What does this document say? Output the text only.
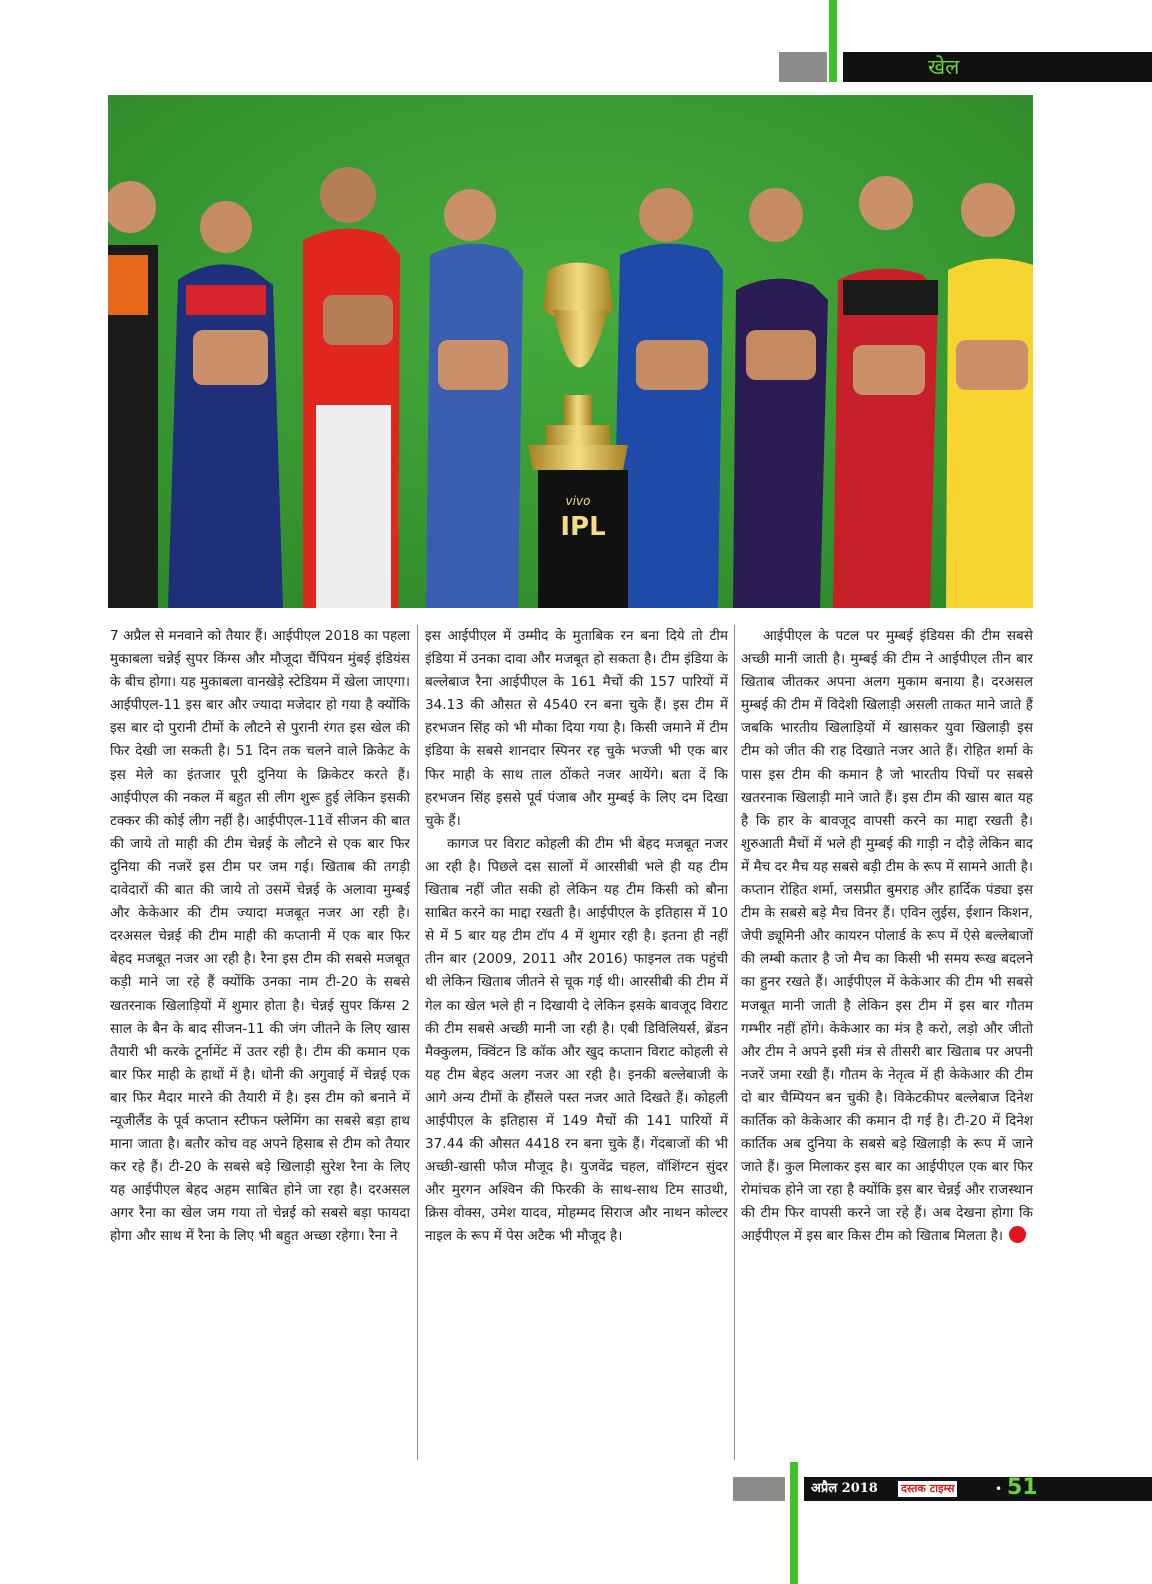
खेल
vivo
IPL

7 अप्रैल से मनवाने को तैयार हैं। आईपीएल 2018 का पहला मुकाबला चन्नेई सुपर किंग्स और मौजूदा चैंपियन मुंबई इंडियंस के बीच होगा। यह मुकाबला वानखेड़े स्टेडियम में खेला जाएगा। आईपीएल-11 इस बार और ज्यादा मजेदार हो गया है क्योंकि इस बार दो पुरानी टीमों के लौटने से पुरानी रंगत इस खेल की फिर देखी जा सकती है। 51 दिन तक चलने वाले क्रिकेट के इस मेले का इंतजार पूरी दुनिया के क्रिकेटर करते हैं। आईपीएल की नकल में बहुत सी लीग शुरू हुई लेकिन इसकी टक्कर की कोई लीग नहीं है। आईपीएल-11वें सीजन की बात की जाये तो माही की टीम चेन्नई के लौटने से एक बार फिर दुनिया की नजरें इस टीम पर जम गई। खिताब की तगड़ी दावेदारों की बात की जाये तो उसमें चेन्नई के अलावा मुम्बई और केकेआर की टीम ज्यादा मजबूत नजर आ रही है। दरअसल चेन्नई की टीम माही की कप्तानी में एक बार फिर बेहद मजबूत नजर आ रही है। रैना इस टीम की सबसे मजबूत कड़ी माने जा रहे हैं क्योंकि उनका नाम टी-20 के सबसे खतरनाक खिलाड़ियों में शुमार होता है। चेन्नई सुपर किंग्स 2 साल के बैन के बाद सीजन-11 की जंग जीतने के लिए खास तैयारी भी करके टूर्नामेंट में उतर रही है। टीम की कमान एक बार फिर माही के हाथों में है। धोनी की अगुवाई में चेन्नई एक बार फिर मैदार मारने की तैयारी में है। इस टीम को बनाने में न्यूजीलैंड के पूर्व कप्तान स्टीफन फ्लेमिंग का सबसे बड़ा हाथ माना जाता है। बतौर कोच वह अपने हिसाब से टीम को तैयार कर रहे हैं। टी-20 के सबसे बड़े खिलाड़ी सुरेश रैना के लिए यह आईपीएल बेहद अहम साबित होने जा रहा है। दरअसल अगर रैना का खेल जम गया तो चेन्नई को सबसे बड़ा फायदा होगा और साथ में रैना के लिए भी बहुत अच्छा रहेगा। रैना ने

इस आईपीएल में उम्मीद के मुताबिक रन बना दिये तो टीम इंडिया में उनका दावा और मजबूत हो सकता है। टीम इंडिया के बल्लेबाज रैना आईपीएल के 161 मैचों की 157 पारियों में 34.13 की औसत से 4540 रन बना चुके हैं। इस टीम में हरभजन सिंह को भी मौका दिया गया है। किसी जमाने में टीम इंडिया के सबसे शानदार स्पिनर रह चुके भज्जी भी एक बार फिर माही के साथ ताल ठोंकते नजर आयेंगे। बता दें कि हरभजन सिंह इससे पूर्व पंजाब और मुम्बई के लिए दम दिखा चुके हैं।

कागज पर विराट कोहली की टीम भी बेहद मजबूत नजर आ रही है। पिछले दस सालों में आरसीबी भले ही यह टीम खिताब नहीं जीत सकी हो लेकिन यह टीम किसी को बौना साबित करने का माद्दा रखती है। आईपीएल के इतिहास में 10 से में 5 बार यह टीम टॉप 4 में शुमार रही है। इतना ही नहीं तीन बार (2009, 2011 और 2016) फाइनल तक पहुंची थी लेकिन खिताब जीतने से चूक गई थी। आरसीबी की टीम में गेल का खेल भले ही न दिखायी दे लेकिन इसके बावजूद विराट की टीम सबसे अच्छी मानी जा रही है। एबी डिविलियर्स, ब्रेंडन मैक्कुलम, क्विंटन डि कॉक और खुद कप्तान विराट कोहली से यह टीम बेहद अलग नजर आ रही है। इनकी बल्लेबाजी के आगे अन्य टीमों के हौंसले पस्त नजर आते दिखते हैं। कोहली आईपीएल के इतिहास में 149 मैचों की 141 पारियों में 37.44 की औसत 4418 रन बना चुके हैं। गेंदबाजों की भी अच्छी-खासी फौज मौजूद है। युजवेंद्र चहल, वॉशिंग्टन सुंदर और मुरगन अश्विन की फिरकी के साथ-साथ टिम साउथी, क्रिस वोक्स, उमेश यादव, मोहम्मद सिराज और नाथन कोल्टर नाइल के रूप में पेस अटैक भी मौजूद है।

आईपीएल के पटल पर मुम्बई इंडियस की टीम सबसे अच्छी मानी जाती है। मुम्बई की टीम ने आईपीएल तीन बार खिताब जीतकर अपना अलग मुकाम बनाया है। दरअसल मुम्बई की टीम में विदेशी खिलाड़ी असली ताकत माने जाते हैं जबकि भारतीय खिलाड़ियों में खासकर युवा खिलाड़ी इस टीम को जीत की राह दिखाते नजर आते हैं। रोहित शर्मा के पास इस टीम की कमान है जो भारतीय पिचों पर सबसे खतरनाक खिलाड़ी माने जाते हैं। इस टीम की खास बात यह है कि हार के बावजूद वापसी करने का माद्दा रखती है। शुरुआती मैचों में भले ही मुम्बई की गाड़ी न दौड़े लेकिन बाद में मैच दर मैच यह सबसे बड़ी टीम के रूप में सामने आती है। कप्तान रोहित शर्मा, जसप्रीत बुमराह और हार्दिक पंड्या इस टीम के सबसे बड़े मैच विनर हैं। एविन लुईस, ईशान किशन, जेपी ड्यूमिनी और कायरन पोलार्ड के रूप में ऐसे बल्लेबाजों की लम्बी कतार है जो मैच का किसी भी समय रूख बदलने का हुनर रखते हैं। आईपीएल में केकेआर की टीम भी सबसे मजबूत मानी जाती है लेकिन इस टीम में इस बार गौतम गम्भीर नहीं होंगे। केकेआर का मंत्र है करो, लड़ो और जीतो और टीम ने अपने इसी मंत्र से तीसरी बार खिताब पर अपनी नजरें जमा रखी हैं। गौतम के नेतृत्व में ही केकेआर की टीम दो बार चैम्पियन बन चुकी है। विकेटकीपर बल्लेबाज दिनेश कार्तिक को केकेआर की कमान दी गई है। टी-20 में दिनेश कार्तिक अब दुनिया के सबसे बड़े खिलाड़ी के रूप में जाने जाते हैं। कुल मिलाकर इस बार का आईपीएल एक बार फिर रोमांचक होने जा रहा है क्योंकि इस बार चेन्नई और राजस्थान की टीम फिर वापसी करने जा रहे हैं। अब देखना होगा कि आईपीएल में इस बार किस टीम को खिताब मिलता है।

अप्रैल 2018 दस्तक टाइम्स	• 51
